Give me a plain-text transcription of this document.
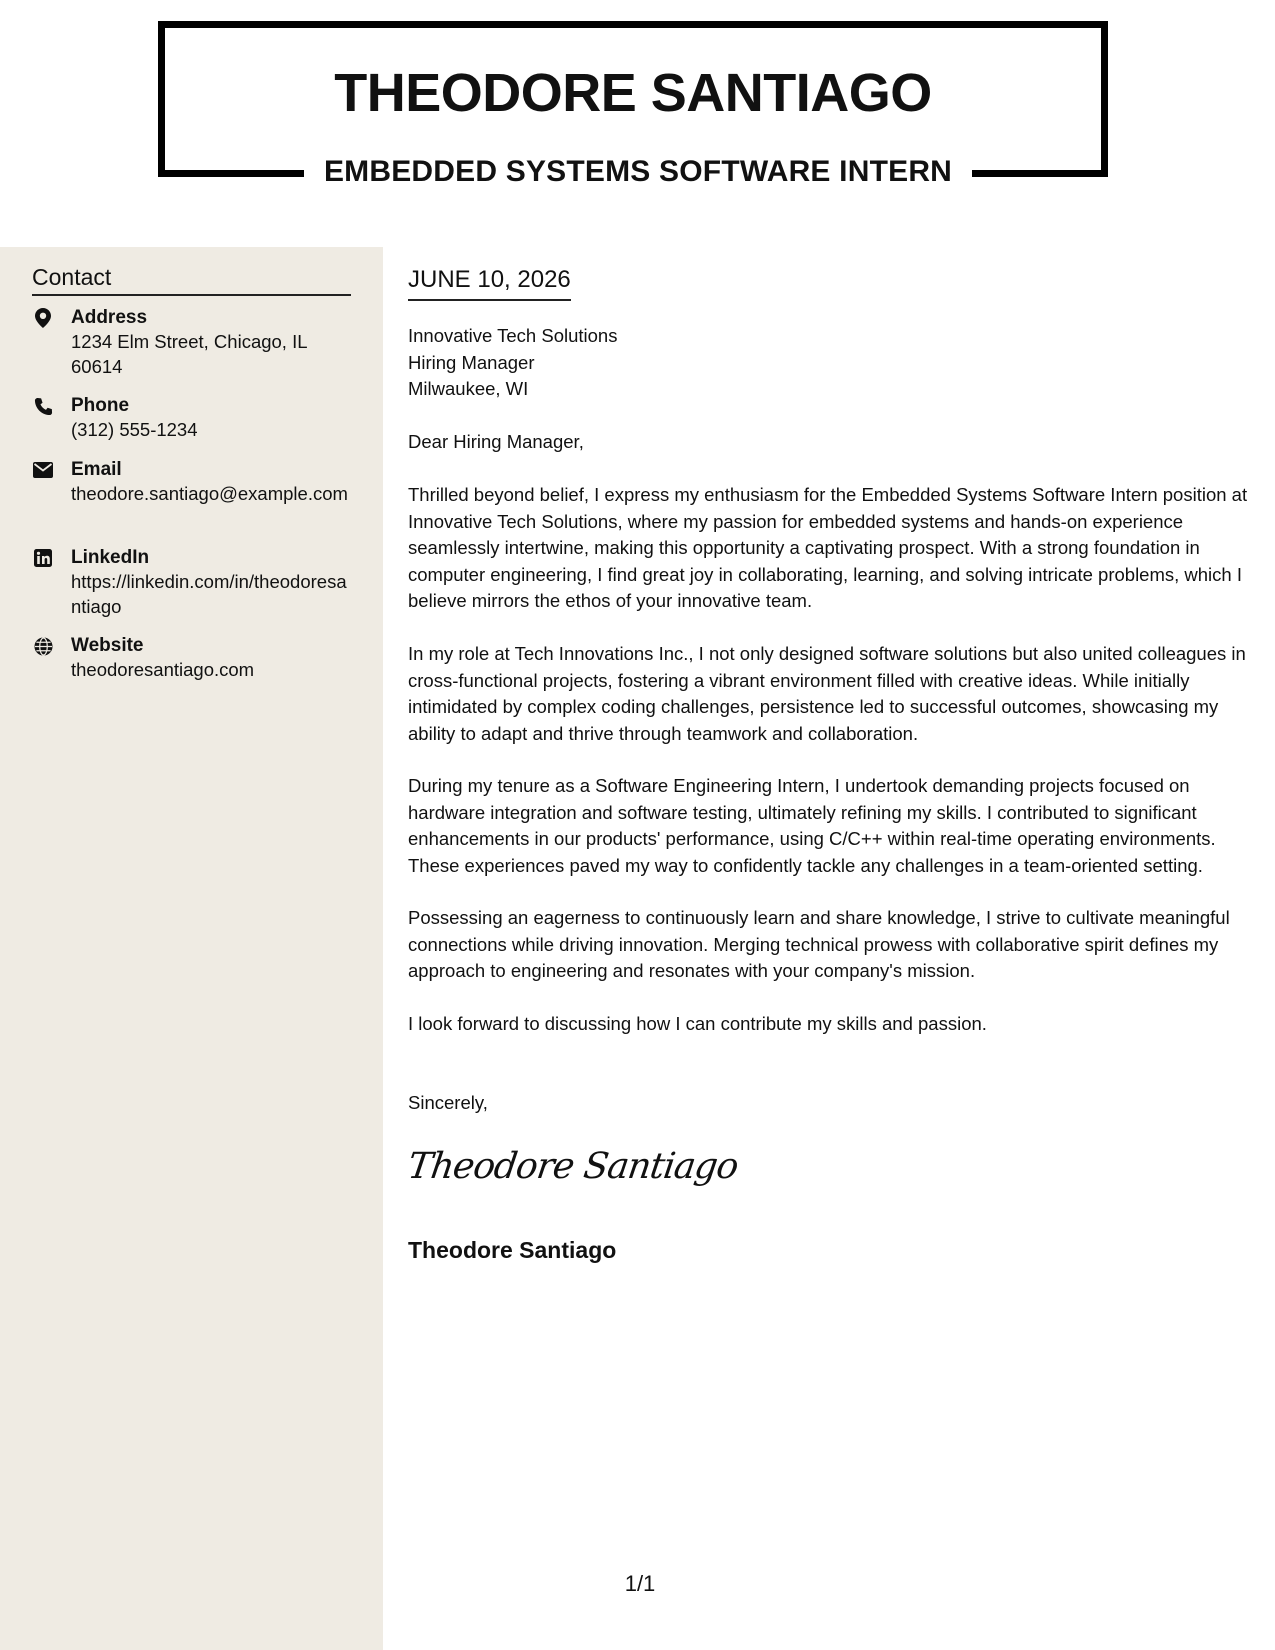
THEODORE SANTIAGO
EMBEDDED SYSTEMS SOFTWARE INTERN
Contact
Address
1234 Elm Street, Chicago, IL 60614
Phone
(312) 555-1234
Email
theodore.santiago@example.com
LinkedIn
https://linkedin.com/in/theodoresantiago
Website
theodoresantiago.com
JUNE 10, 2026
Innovative Tech Solutions
Hiring Manager
Milwaukee, WI
Dear Hiring Manager,

Thrilled beyond belief, I express my enthusiasm for the Embedded Systems Software Intern position at Innovative Tech Solutions, where my passion for embedded systems and hands-on experience seamlessly intertwine, making this opportunity a captivating prospect. With a strong foundation in computer engineering, I find great joy in collaborating, learning, and solving intricate problems, which I believe mirrors the ethos of your innovative team.

In my role at Tech Innovations Inc., I not only designed software solutions but also united colleagues in cross-functional projects, fostering a vibrant environment filled with creative ideas. While initially intimidated by complex coding challenges, persistence led to successful outcomes, showcasing my ability to adapt and thrive through teamwork and collaboration.

During my tenure as a Software Engineering Intern, I undertook demanding projects focused on hardware integration and software testing, ultimately refining my skills. I contributed to significant enhancements in our products' performance, using C/C++ within real-time operating environments. These experiences paved my way to confidently tackle any challenges in a team-oriented setting.

Possessing an eagerness to continuously learn and share knowledge, I strive to cultivate meaningful connections while driving innovation. Merging technical prowess with collaborative spirit defines my approach to engineering and resonates with your company's mission.

I look forward to discussing how I can contribute my skills and passion.

Sincerely,
Theodore Santiago
Theodore Santiago
1/1
